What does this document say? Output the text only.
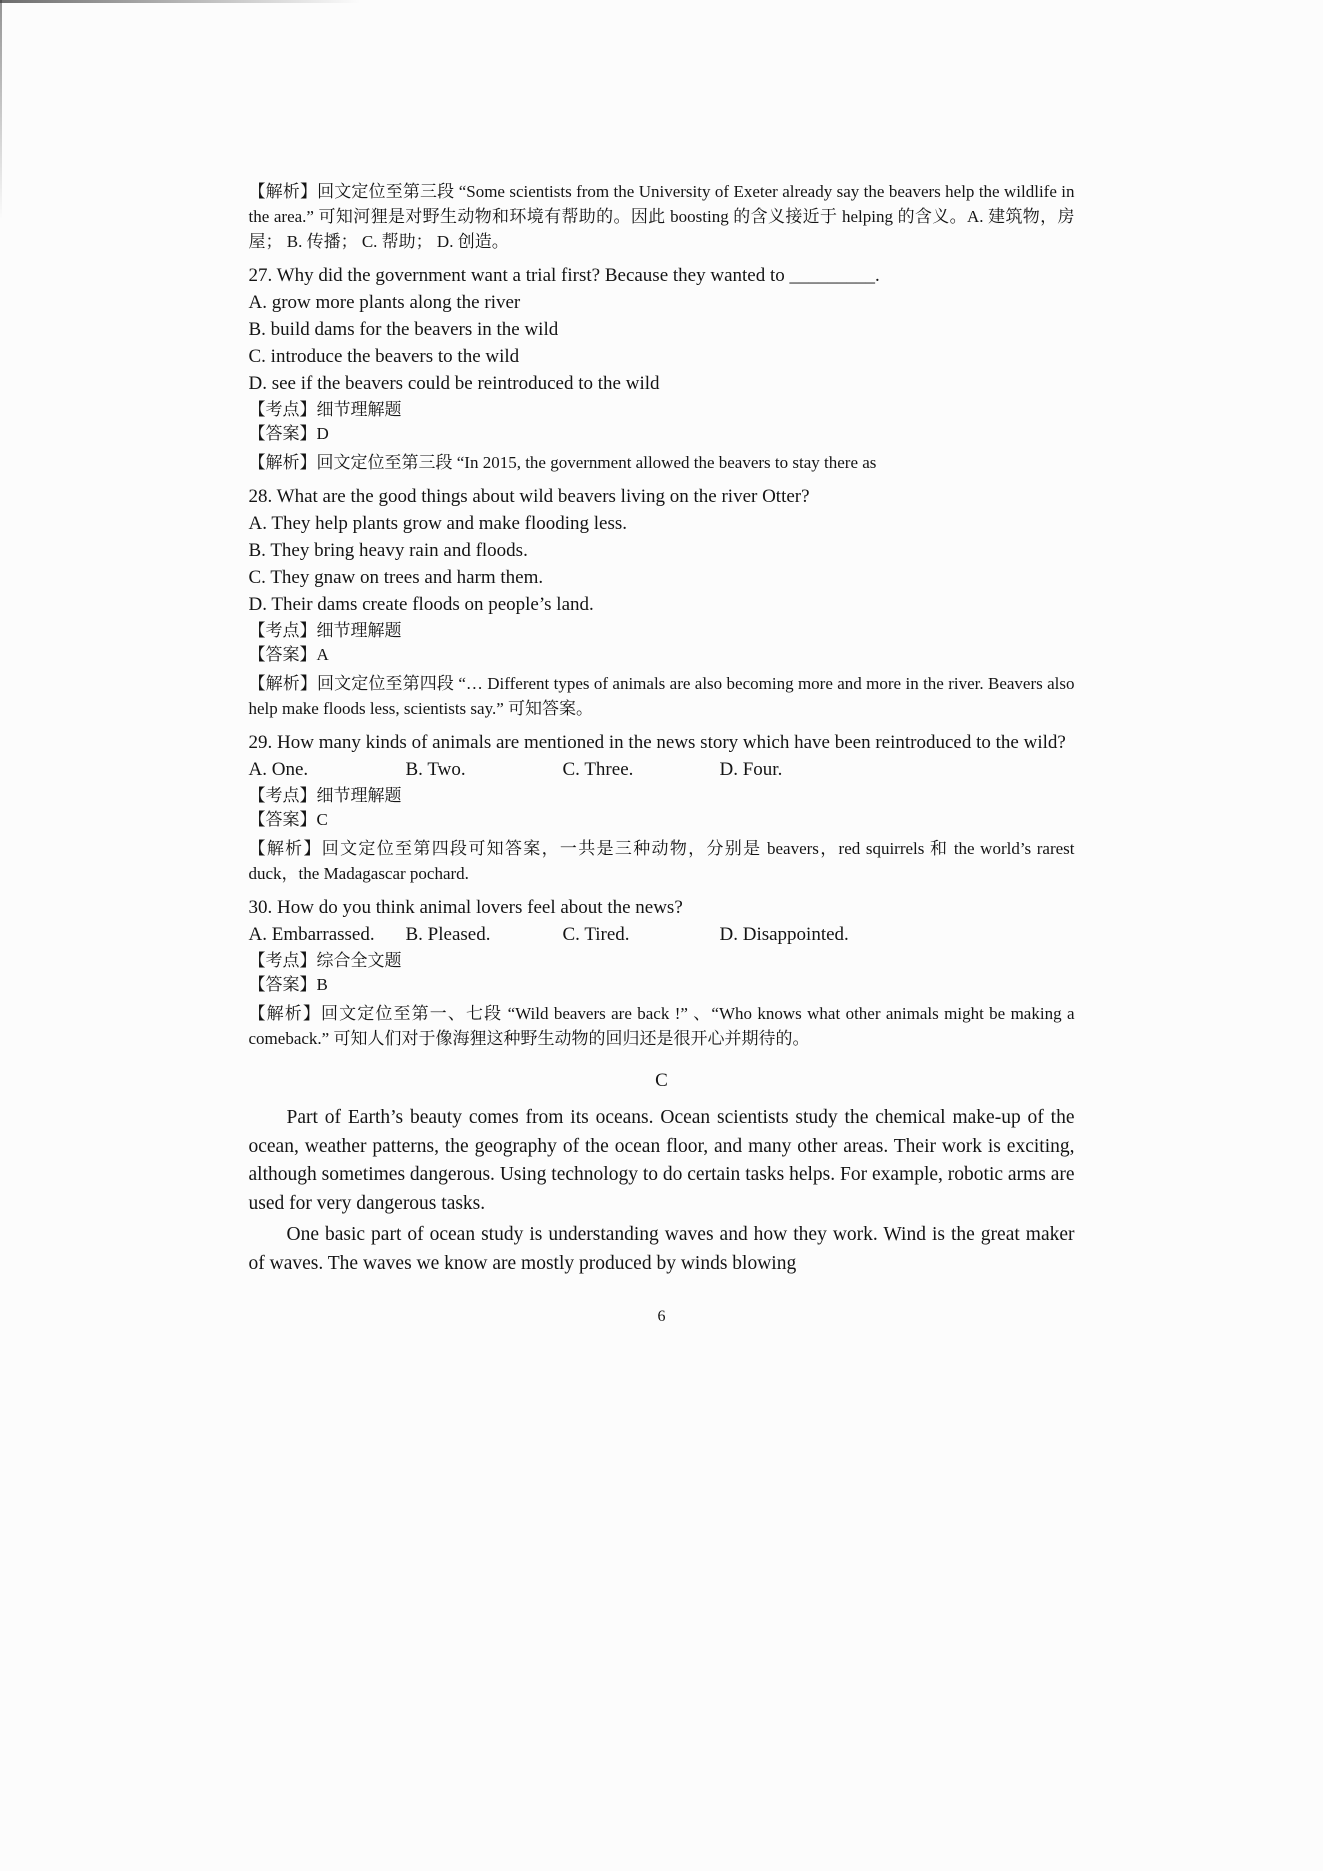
【解析】回文定位至第三段 “Some scientists from the University of Exeter already say the beavers help the wildlife in the area.” 可知河狸是对野生动物和环境有帮助的。因此 boosting 的含义接近于 helping 的含义。A. 建筑物，房屋； B. 传播； C. 帮助； D. 创造。

27. Why did the government want a trial first? Because they wanted to _________.

A. grow more plants along the river

B. build dams for the beavers in the wild

C. introduce the beavers to the wild

D. see if the beavers could be reintroduced to the wild

【考点】细节理解题

【答案】D

【解析】回文定位至第三段 “In 2015, the government allowed the beavers to stay there as

28. What are the good things about wild beavers living on the river Otter?

A. They help plants grow and make flooding less.

B. They bring heavy rain and floods.

C. They gnaw on trees and harm them.

D. Their dams create floods on people’s land.

【考点】细节理解题

【答案】A

【解析】回文定位至第四段 “… Different types of animals are also becoming more and more in the river. Beavers also help make floods less, scientists say.” 可知答案。

29. How many kinds of animals are mentioned in the news story which have been reintroduced to the wild?

A. One.	B. Two.	C. Three.	D. Four.

【考点】细节理解题

【答案】C

【解析】回文定位至第四段可知答案，一共是三种动物，分别是 beavers，red squirrels 和 the world’s rarest duck，the Madagascar pochard.

30. How do you think animal lovers feel about the news?

A. Embarrassed.	B. Pleased.	C. Tired.	D. Disappointed.

【考点】综合全文题

【答案】B

【解析】回文定位至第一、七段 “Wild beavers are back !” 、“Who knows what other animals might be making a comeback.” 可知人们对于像海狸这种野生动物的回归还是很开心并期待的。

C

Part of Earth’s beauty comes from its oceans. Ocean scientists study the chemical make-up of the ocean, weather patterns, the geography of the ocean floor, and many other areas. Their work is exciting, although sometimes dangerous. Using technology to do certain tasks helps. For example, robotic arms are used for very dangerous tasks.

One basic part of ocean study is understanding waves and how they work. Wind is the great maker of waves. The waves we know are mostly produced by winds blowing

6
